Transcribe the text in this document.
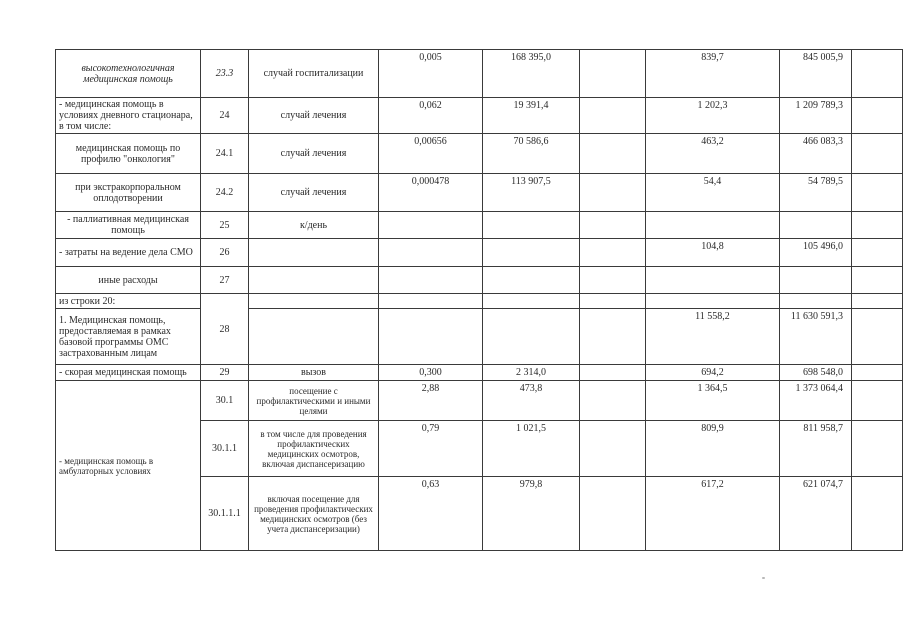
высокотехнологичная медицинская помощь	23.3	случай госпитализации	0,005	168 395,0		839,7	845 005,9	
- медицинская помощь в условиях дневного стационара, в том числе:	24	случай лечения	0,062	19 391,4		1 202,3	1 209 789,3	
медицинская помощь по профилю "онкология"	24.1	случай лечения	0,00656	70 586,6		463,2	466 083,3	
при экстракорпоральном оплодотворении	24.2	случай лечения	0,000478	113 907,5		54,4	54 789,5	
- паллиативная медицинская помощь	25	к/день						
- затраты на ведение дела СМО	26					104,8	105 496,0	
иные расходы	27							
из строки 20:	28							
1. Медицинская помощь, предоставляемая в рамках базовой программы ОМС застрахованным лицам						11 558,2	11 630 591,3	
- скорая медицинская помощь	29	вызов	0,300	2 314,0		694,2	698 548,0	
- медицинская помощь в амбулаторных условиях	30.1	посещение с профилактическими и иными целями	2,88	473,8		1 364,5	1 373 064,4	
	30.1.1	в том числе для проведения профилактических медицинских осмотров, включая диспансеризацию	0,79	1 021,5		809,9	811 958,7	
	30.1.1.1	включая посещение для проведения профилактических медицинских осмотров (без учета диспансеризации)	0,63	979,8		617,2	621 074,7	
